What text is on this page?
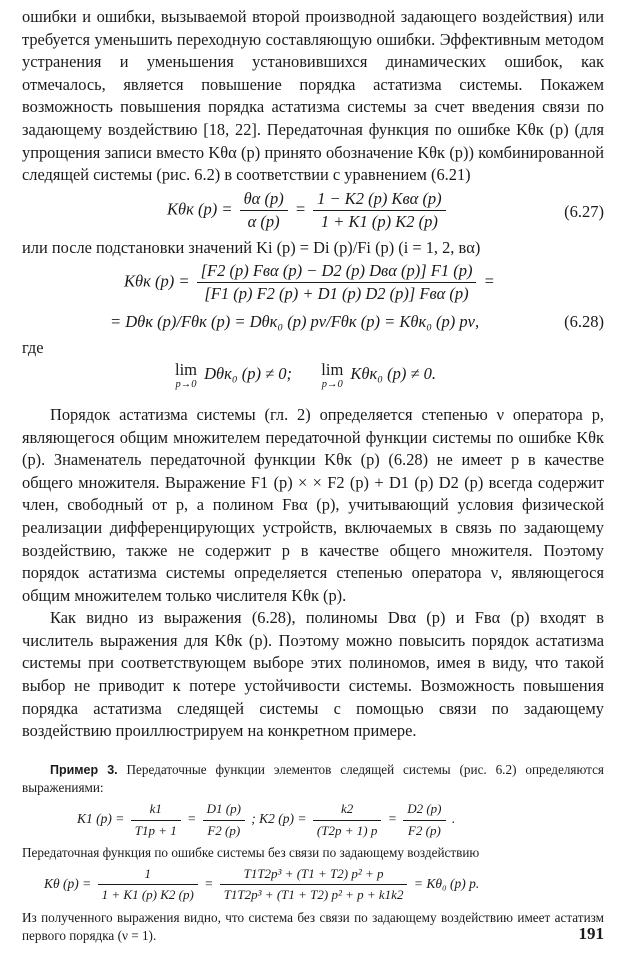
ошибки и ошибки, вызываемой второй производной задающего воздействия) или требуется уменьшить переходную составляющую ошибки. Эффективным методом устранения и уменьшения установившихся динамических ошибок, как отмечалось, является повышение порядка астатизма системы. Покажем возможность повышения порядка астатизма системы за счет введения связи по задающему воздействию [18, 22]. Передаточная функция по ошибке Kθк (p) (для упрощения записи вместо Kθα (p) принято обозначение Kθк (p)) комбинированной следящей системы (рис. 6.2) в соответствии с уравнением (6.21)

Kθк $(p) = \frac{\theta\alpha (p)}{\alpha (p)} = \frac{\text{1 − K2 (p) Kвα (p)}}{1 + K1 (p) K2 (p)}$	(6.27)

или после подстановки значений Ki (p) = Di (p)/Fi (p) (i = 1, 2, вα)

Kθк $(p) = \frac{\text{[F2 (p) Fвα (p) − D2 (p) Dвα (p)] F1 (p)}}{\text{[F1 (p) F2 (p) + D1 (p) D2 (p)] Fвα (p)}}$ =
= Dθк (p)/Fθк (p) = Dθк₀ (p) pν/Fθк (p) = Kθк₀ (p) pν,	(6.28)

где

lim
p→0
Dθк₀ (p) ≠ 0; lim
p→0
Kθк₀ (p) ≠ 0.

Порядок астатизма системы (гл. 2) определяется степенью ν оператора p, являющегося общим множителем передаточной функции системы по ошибке Kθк (p). Знаменатель передаточной функции Kθк (p) (6.28) не имеет p в качестве общего множителя. Выражение F1 (p) × × F2 (p) + D1 (p) D2 (p) всегда содержит член, свободный от p, а полином Fвα (p), учитывающий условия физической реализации дифференцирующих устройств, включаемых в связь по задающему воздействию, также не содержит p в качестве общего множителя. Поэтому порядок астатизма системы определяется степенью оператора ν, являющегося общим множителем только числителя Kθк (p).

Как видно из выражения (6.28), полиномы Dвα (p) и Fвα (p) входят в числитель выражения для Kθк (p). Поэтому можно повысить порядок астатизма системы при соответствующем выборе этих полиномов, имея в виду, что такой выбор не приводит к потере устойчивости системы. Возможность повышения порядка астатизма следящей системы с помощью связи по задающему воздействию проиллюстрируем на конкретном примере.

Пример 3. Передаточные функции элементов следящей системы (рис. 6.2) определяются выражениями:

K1 $(p) = \frac{k1}{T1p + 1} = \frac{D1 (p)}{F2 (p)}$ ; K2 $(p) = \frac{k2}{(T2p + 1) p} = \frac{D2 (p)}{F2 (p)}$ .

Передаточная функция по ошибке системы без связи по задающему воздействию

Kθ $(p) = \frac{1}{1 + K1 (p) K2 (p)} = \frac{\text{T1T2p³ + (T1 + T2) p² + p}}{\text{T1T2p³ + (T1 + T2) p² + p + k1k2}} = K\theta_0$ (p) p.

Из полученного выражения видно, что система без связи по задающему воздействию имеет астатизм первого порядка (ν = 1).	191
